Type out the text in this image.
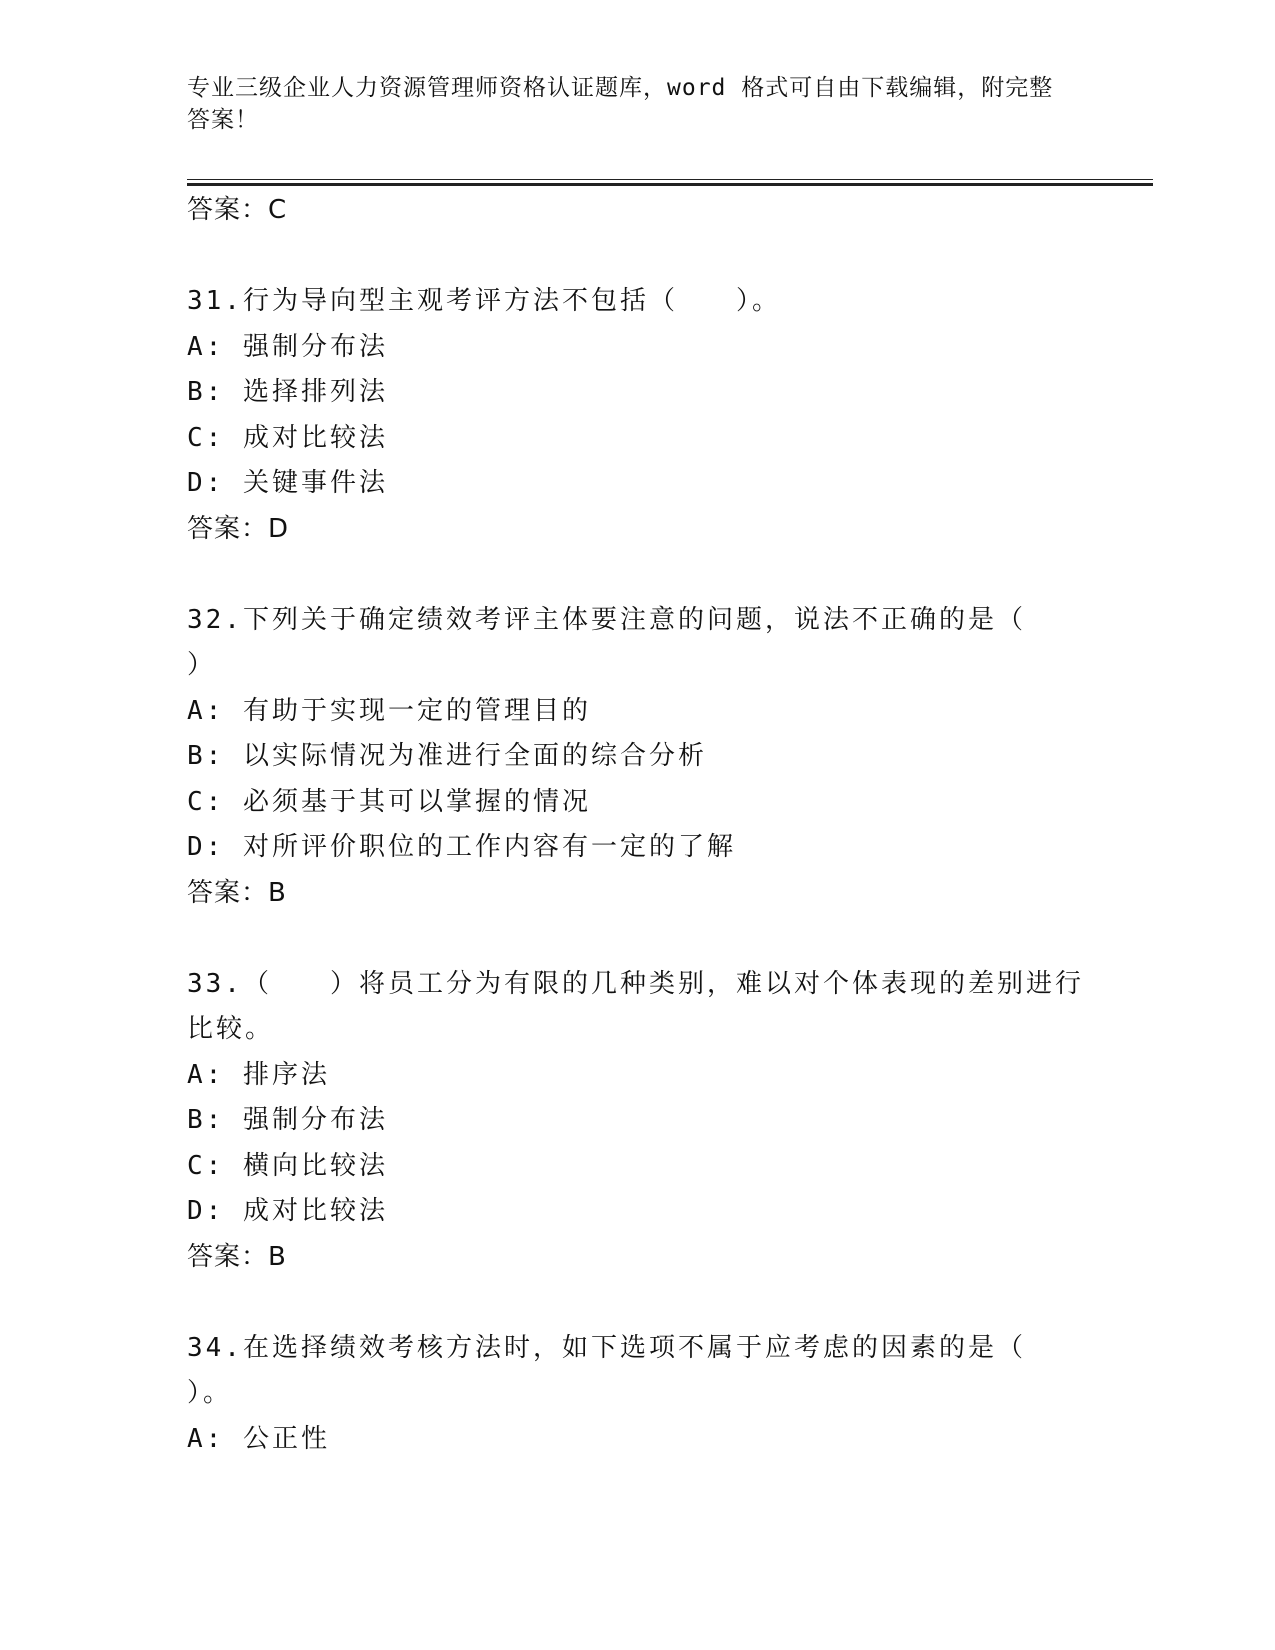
专业三级企业人力资源管理师资格认证题库，word 格式可自由下载编辑，附完整答案！
答案：C
31.行为导向型主观考评方法不包括（　　）。
A: 强制分布法
B: 选择排列法
C: 成对比较法
D: 关键事件法
答案：D
32.下列关于确定绩效考评主体要注意的问题，说法不正确的是（
）
A: 有助于实现一定的管理目的
B: 以实际情况为准进行全面的综合分析
C: 必须基于其可以掌握的情况
D: 对所评价职位的工作内容有一定的了解
答案：B
33.（　　）将员工分为有限的几种类别，难以对个体表现的差别进行
比较。
A: 排序法
B: 强制分布法
C: 横向比较法
D: 成对比较法
答案：B
34.在选择绩效考核方法时，如下选项不属于应考虑的因素的是（
）。
A: 公正性
